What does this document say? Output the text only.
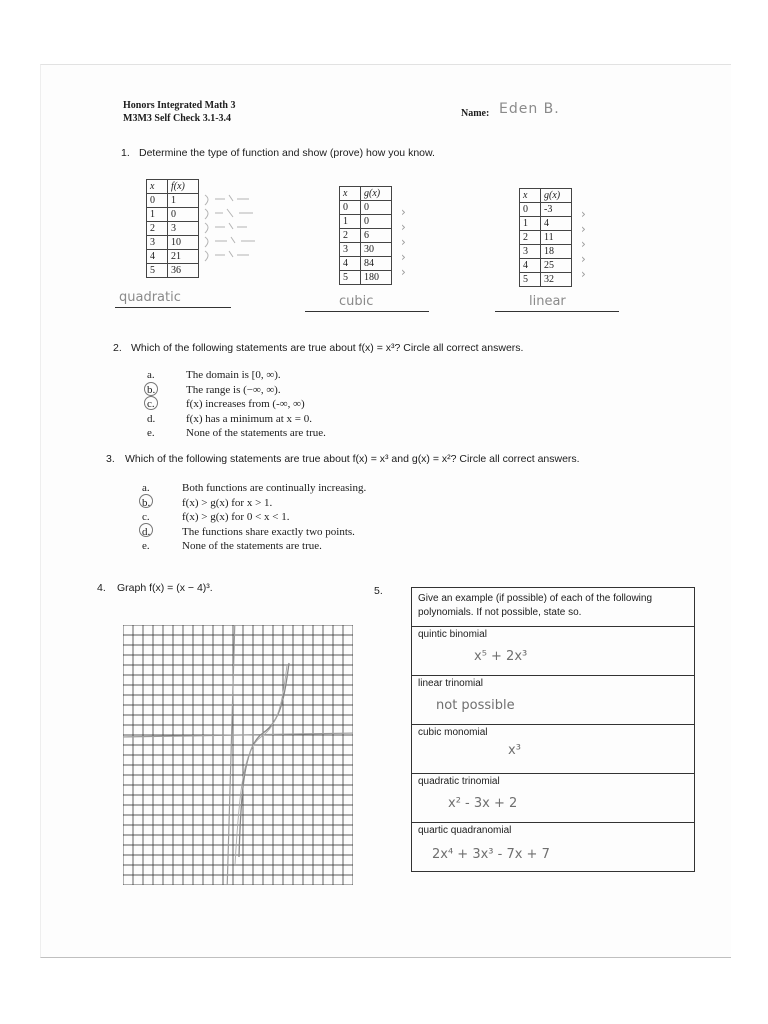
Honors Integrated Math 3
M3M3 Self Check 3.1-3.4	Name: Eden B.
1. Determine the type of function and show (prove) how you know.
x	f(x)
0	1
1	0
2	3
3	10
4	21
5	36
quadratic
x	g(x)
0	0
1	0
2	6
3	30
4	84
5	180
›
›
›
›
›
cubic
x	g(x)
0	-3
1	4
2	11
3	18
4	25
5	32
›
›
›
›
›
linear
2. Which of the following statements are true about f(x) = x³? Circle all correct answers.
a.
b.
c.
d.
e.
The domain is [0, ∞).
The range is (−∞, ∞).
f(x) increases from (-∞, ∞)
f(x) has a minimum at x = 0.
None of the statements are true.
3. Which of the following statements are true about f(x) = x³ and g(x) = x²? Circle all correct answers.
a.
b.
c.
d.
e.
Both functions are continually increasing.
f(x) > g(x) for x > 1.
f(x) > g(x) for 0 < x < 1.
The functions share exactly two points.
None of the statements are true.
4. Graph f(x) = (x − 4)³.	5.
Give an example (if possible) of each of the following polynomials. If not possible, state so.
quintic binomial
x⁵ + 2x³
linear trinomial
not possible
cubic monomial
x³
quadratic trinomial
x² - 3x + 2
quartic quadranomial
2x⁴ + 3x³ - 7x + 7
